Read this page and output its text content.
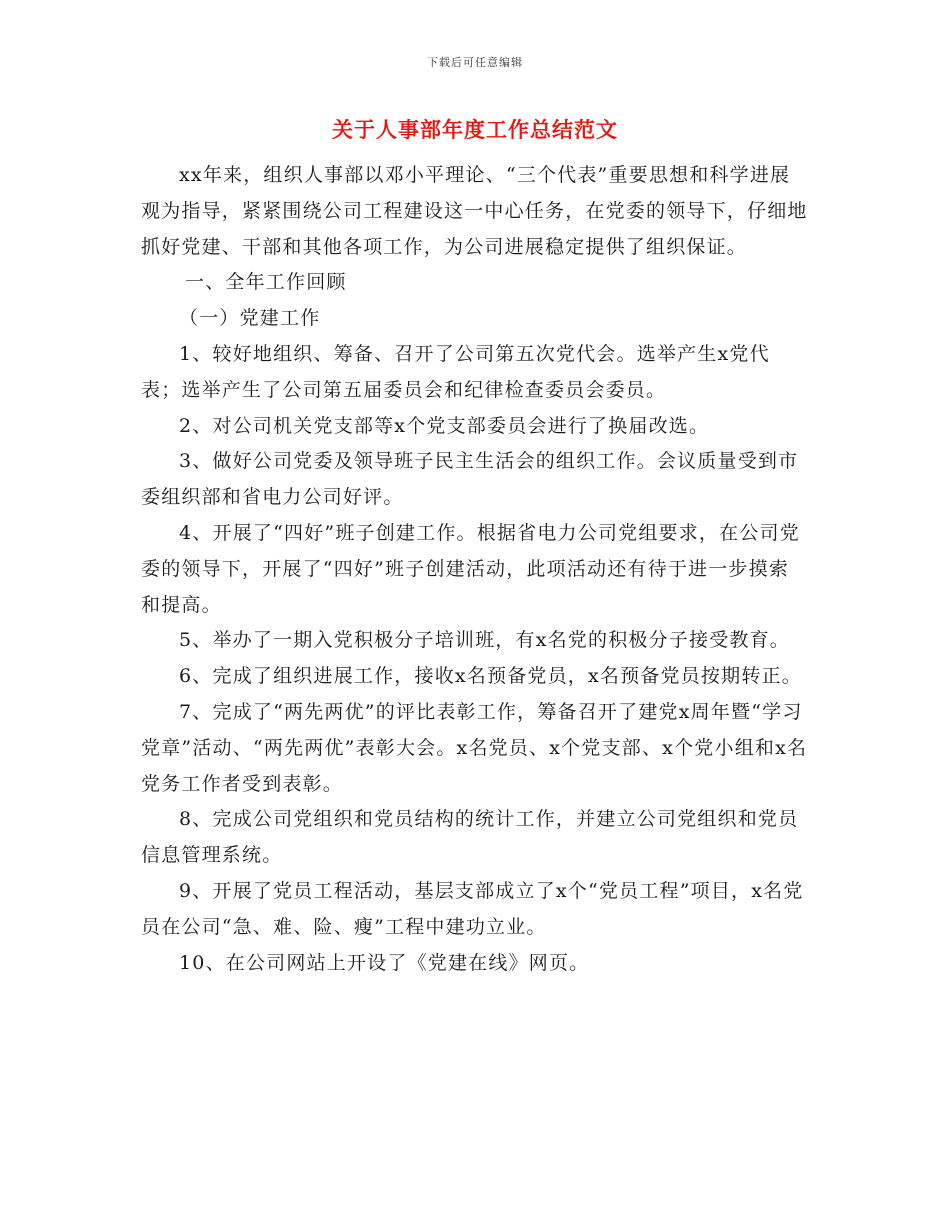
下载后可任意编辑
关于人事部年度工作总结范文

xx年来，组织人事部以邓小平理论、“三个代表”重要思想和科学进展观为指导，紧紧围绕公司工程建设这一中心任务，在党委的领导下，仔细地抓好党建、干部和其他各项工作，为公司进展稳定提供了组织保证。

一、全年工作回顾

（一）党建工作

1、较好地组织、筹备、召开了公司第五次党代会。选举产生x党代表；选举产生了公司第五届委员会和纪律检查委员会委员。

2、对公司机关党支部等x个党支部委员会进行了换届改选。

3、做好公司党委及领导班子民主生活会的组织工作。会议质量受到市委组织部和省电力公司好评。

4、开展了“四好”班子创建工作。根据省电力公司党组要求，在公司党委的领导下，开展了“四好”班子创建活动，此项活动还有待于进一步摸索和提高。

5、举办了一期入党积极分子培训班，有x名党的积极分子接受教育。

6、完成了组织进展工作，接收x名预备党员，x名预备党员按期转正。

7、完成了“两先两优”的评比表彰工作，筹备召开了建党x周年暨“学习党章”活动、“两先两优”表彰大会。x名党员、x个党支部、x个党小组和x名党务工作者受到表彰。

8、完成公司党组织和党员结构的统计工作，并建立公司党组织和党员信息管理系统。

9、开展了党员工程活动，基层支部成立了x个“党员工程”项目，x名党员在公司“急、难、险、瘦”工程中建功立业。

10、在公司网站上开设了《党建在线》网页。
